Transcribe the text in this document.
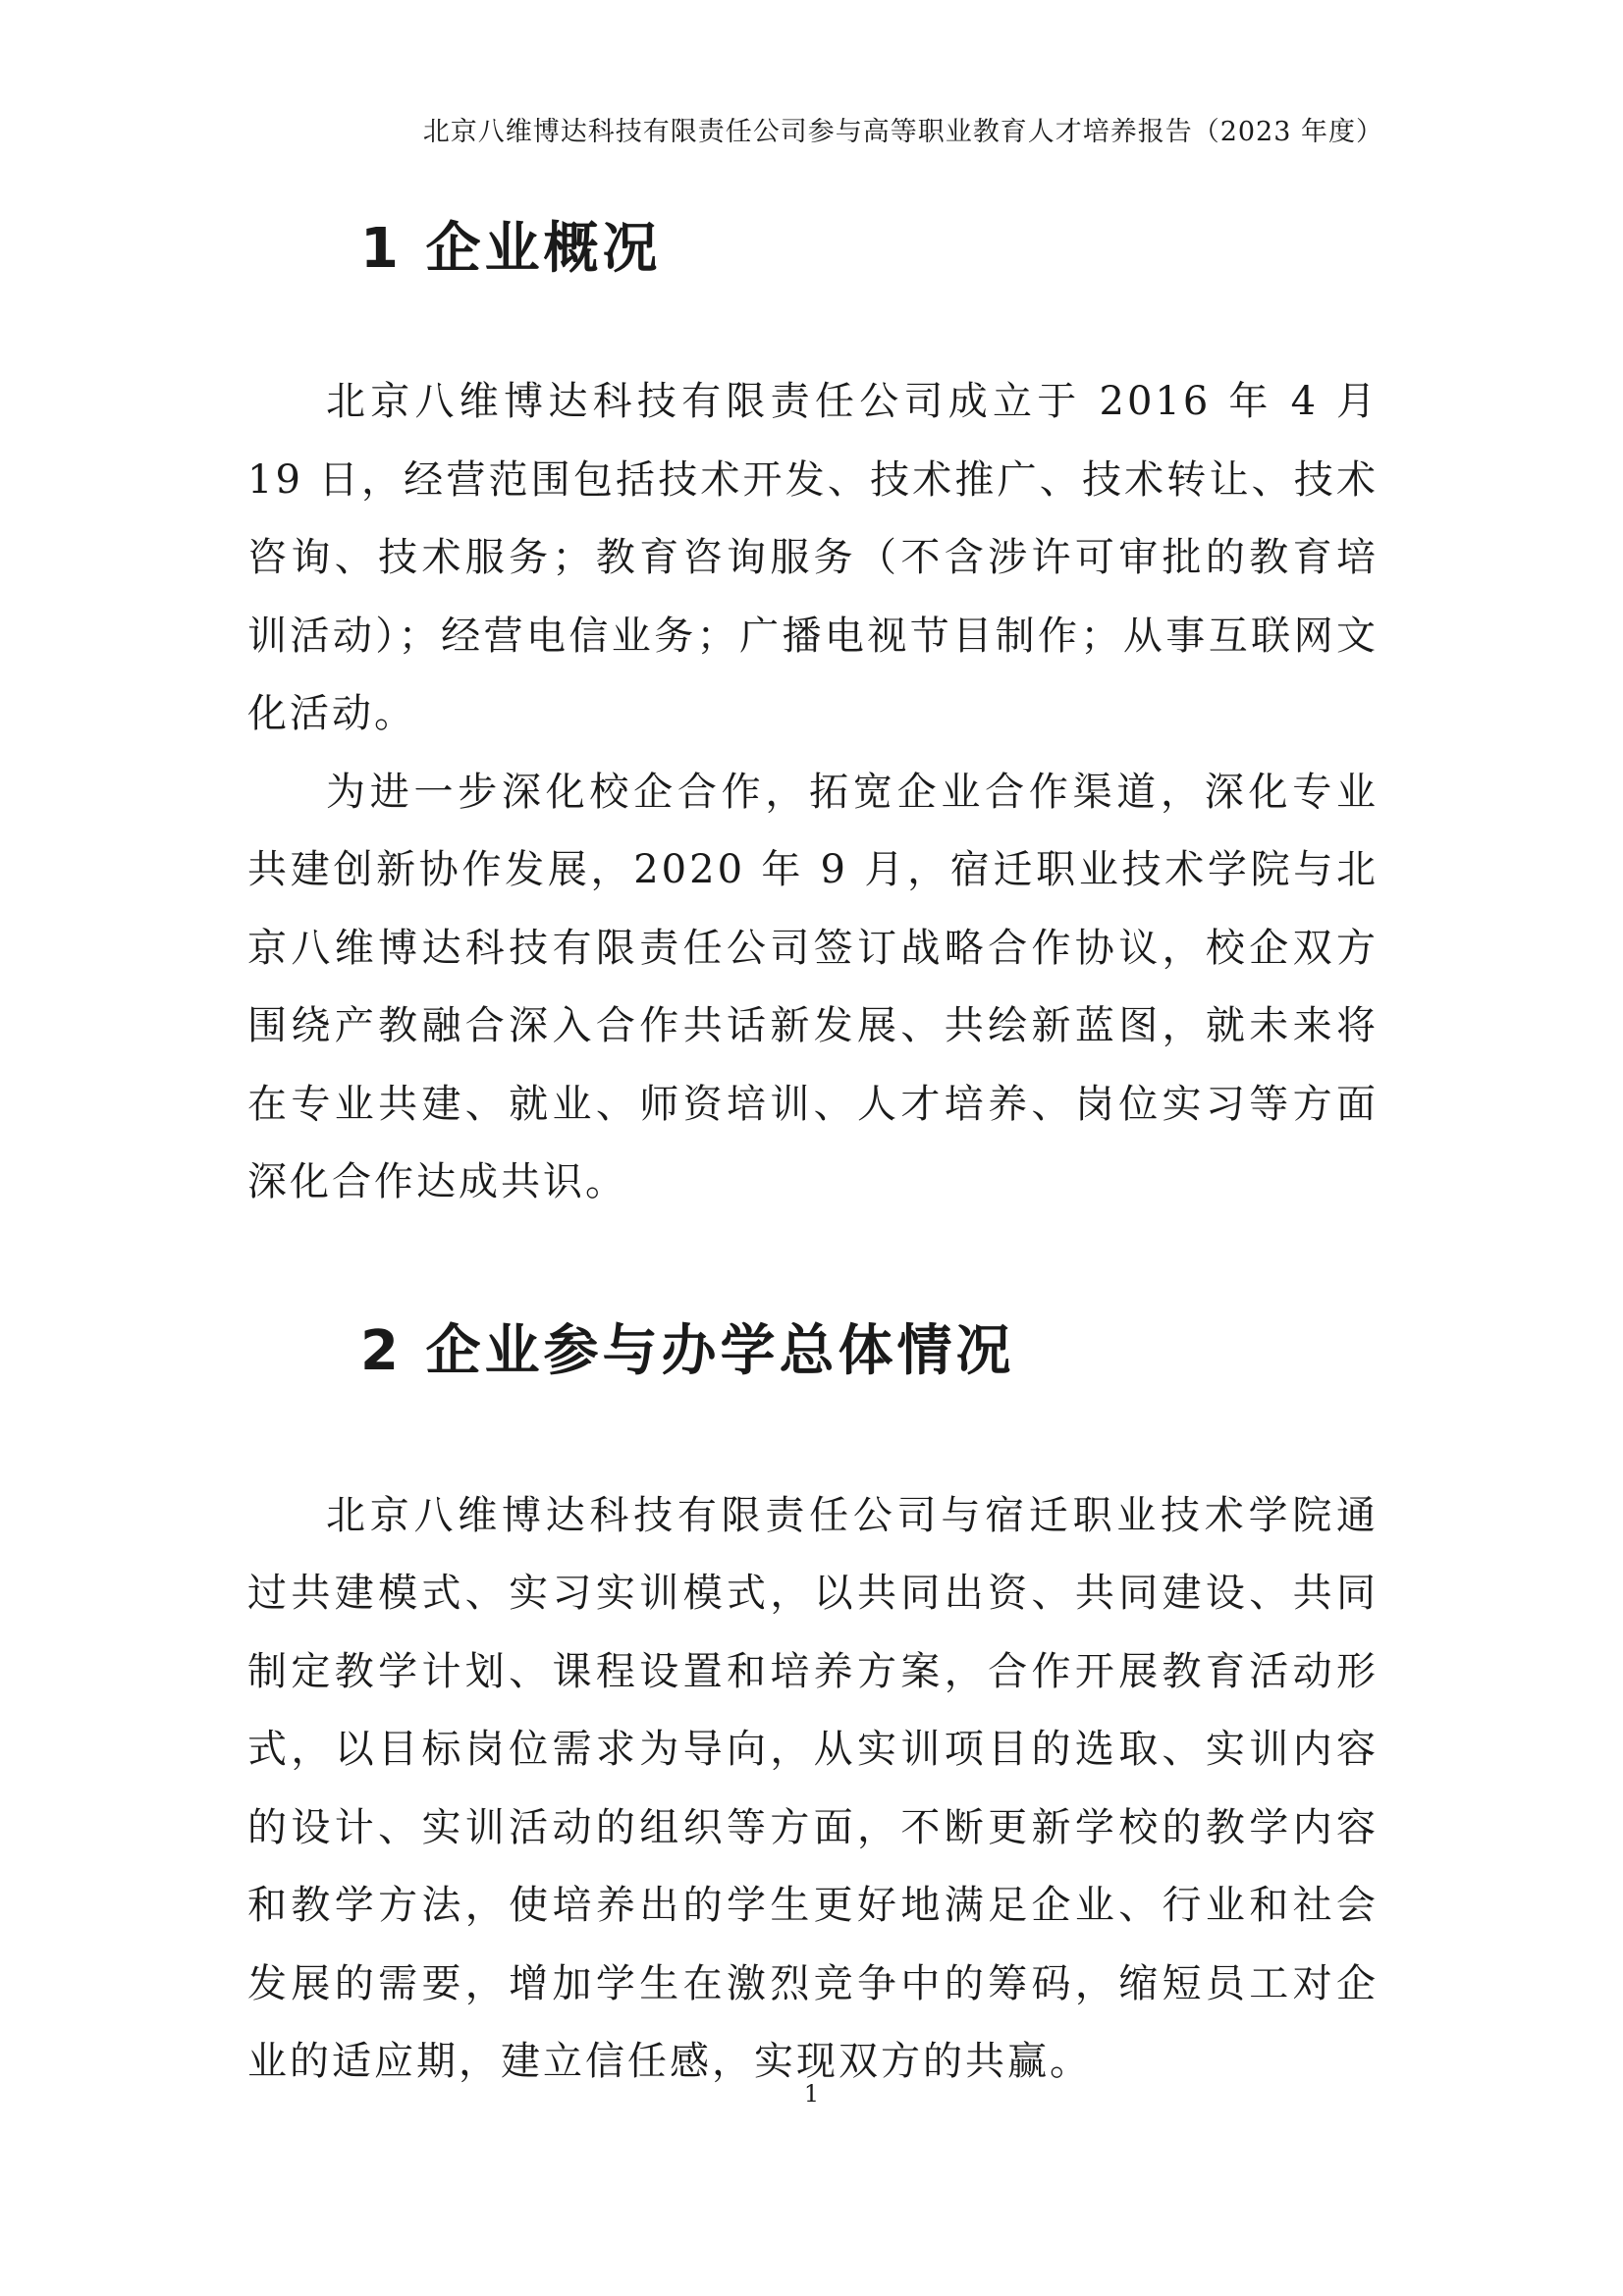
北京八维博达科技有限责任公司参与高等职业教育人才培养报告（2023 年度）
1 企业概况

北京八维博达科技有限责任公司成立于 2016 年 4 月 19 日，经营范围包括技术开发、技术推广、技术转让、技术咨询、技术服务；教育咨询服务（不含涉许可审批的教育培训活动）；经营电信业务；广播电视节目制作；从事互联网文化活动。

为进一步深化校企合作，拓宽企业合作渠道，深化专业共建创新协作发展，2020 年 9 月，宿迁职业技术学院与北京八维博达科技有限责任公司签订战略合作协议，校企双方围绕产教融合深入合作共话新发展、共绘新蓝图，就未来将在专业共建、就业、师资培训、人才培养、岗位实习等方面深化合作达成共识。

2 企业参与办学总体情况

北京八维博达科技有限责任公司与宿迁职业技术学院通过共建模式、实习实训模式，以共同出资、共同建设、共同制定教学计划、课程设置和培养方案，合作开展教育活动形式，以目标岗位需求为导向，从实训项目的选取、实训内容的设计、实训活动的组织等方面，不断更新学校的教学内容和教学方法，使培养出的学生更好地满足企业、行业和社会发展的需要，增加学生在激烈竞争中的筹码，缩短员工对企业的适应期，建立信任感，实现双方的共赢。

1
